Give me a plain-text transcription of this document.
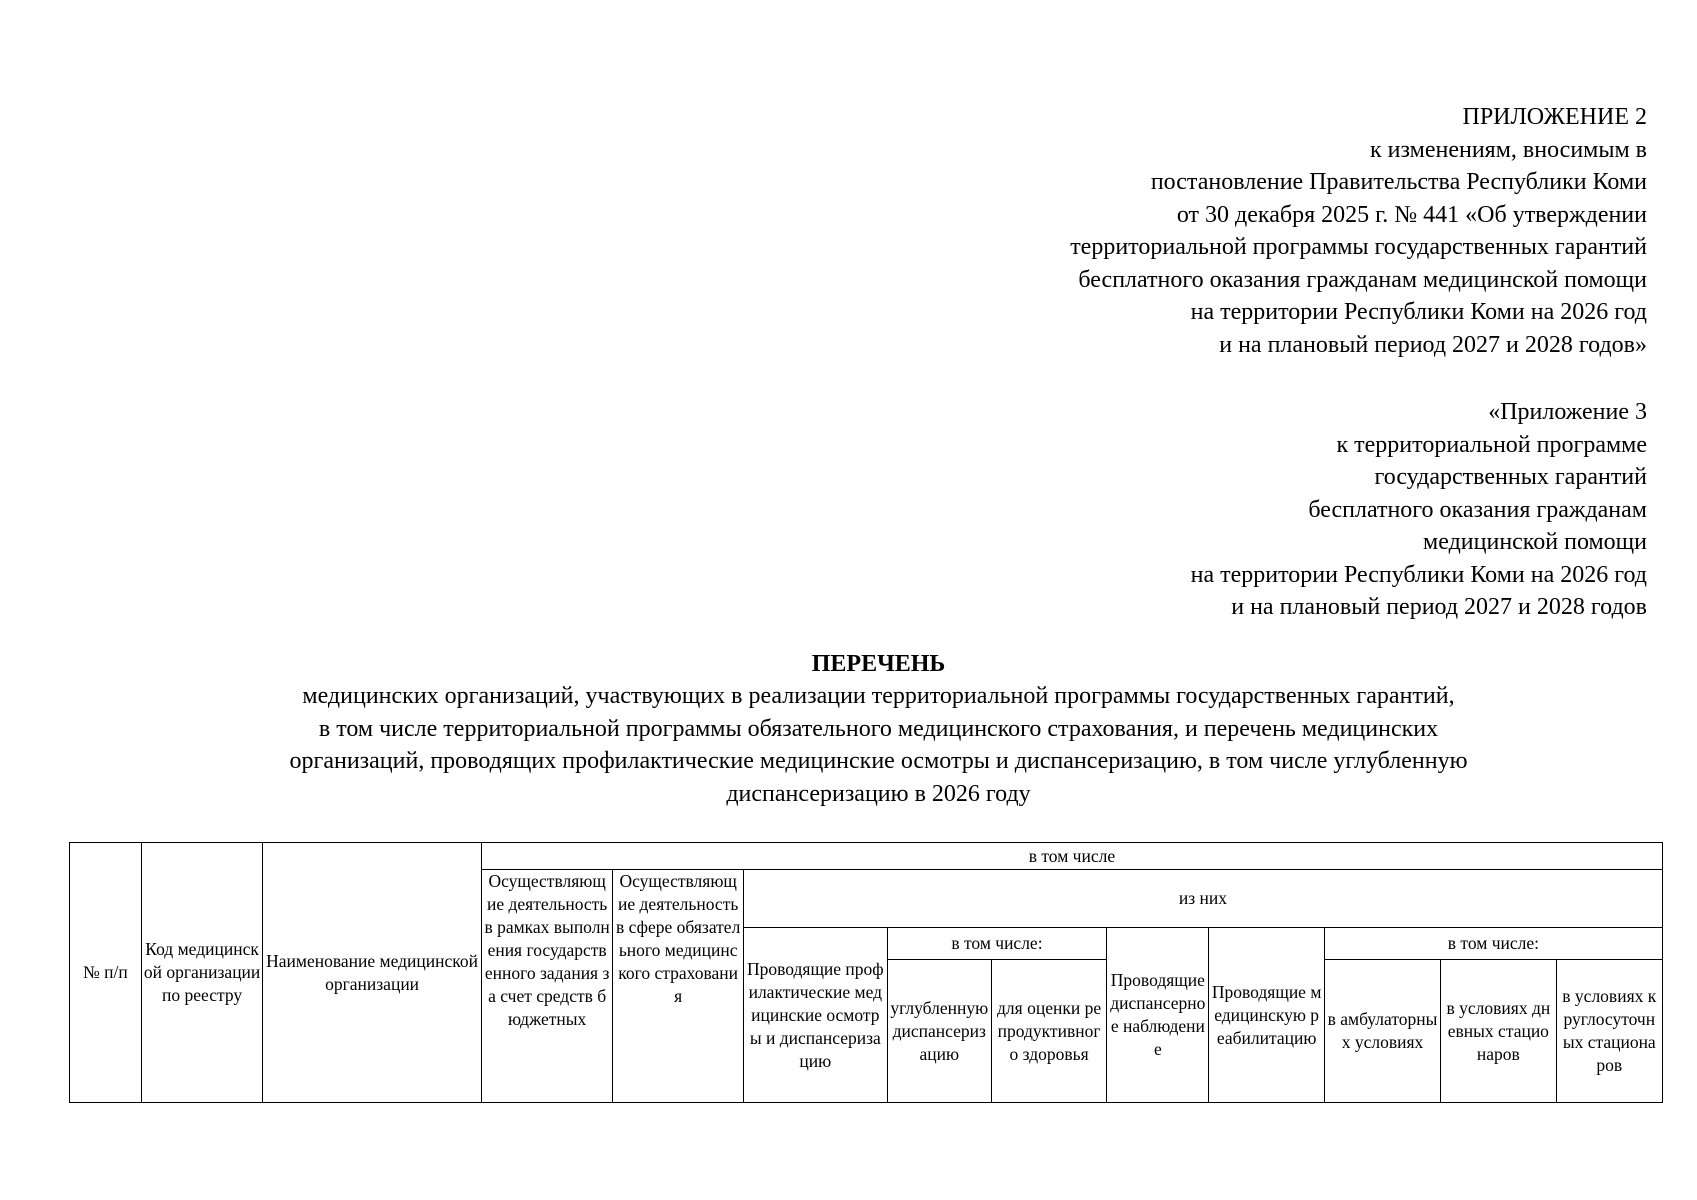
ПРИЛОЖЕНИЕ 2
к изменениям, вносимым в
постановление Правительства Республики Коми
от 30 декабря 2025 г. № 441 «Об утверждении
территориальной программы государственных гарантий
бесплатного оказания гражданам медицинской помощи
на территории Республики Коми на 2026 год
и на плановый период 2027 и 2028 годов»
«Приложение 3
к территориальной программе
государственных гарантий
бесплатного оказания гражданам
медицинской помощи
на территории Республики Коми на 2026 год
и на плановый период 2027 и 2028 годов
ПЕРЕЧЕНЬ
медицинских организаций, участвующих в реализации территориальной программы государственных гарантий,
в том числе территориальной программы обязательного медицинского страхования, и перечень медицинских
организаций, проводящих профилактические медицинские осмотры и диспансеризацию, в том числе углубленную
диспансеризацию в 2026 году
№ п/п	Код медицинской организации по реестру	Наименование медицинской организации	в том числе									

			Осуществляющие деятельность в рамках выполнения государственного задания за счет средств бюджетных	Осуществляющие деятельность в сфере обязательного медицинского страхования	из них							
					Проводящие профилактические медицинские осмотры и диспансеризацию	в том числе:		Проводящие диспансерное наблюдение	Проводящие медицинскую реабилитацию	в том числе:		
						углубленную диспансеризацию	для оценки репродуктивного здоровья			в амбулаторных условиях	в условиях дневных стационаров	в условиях круглосуточных стационаров
